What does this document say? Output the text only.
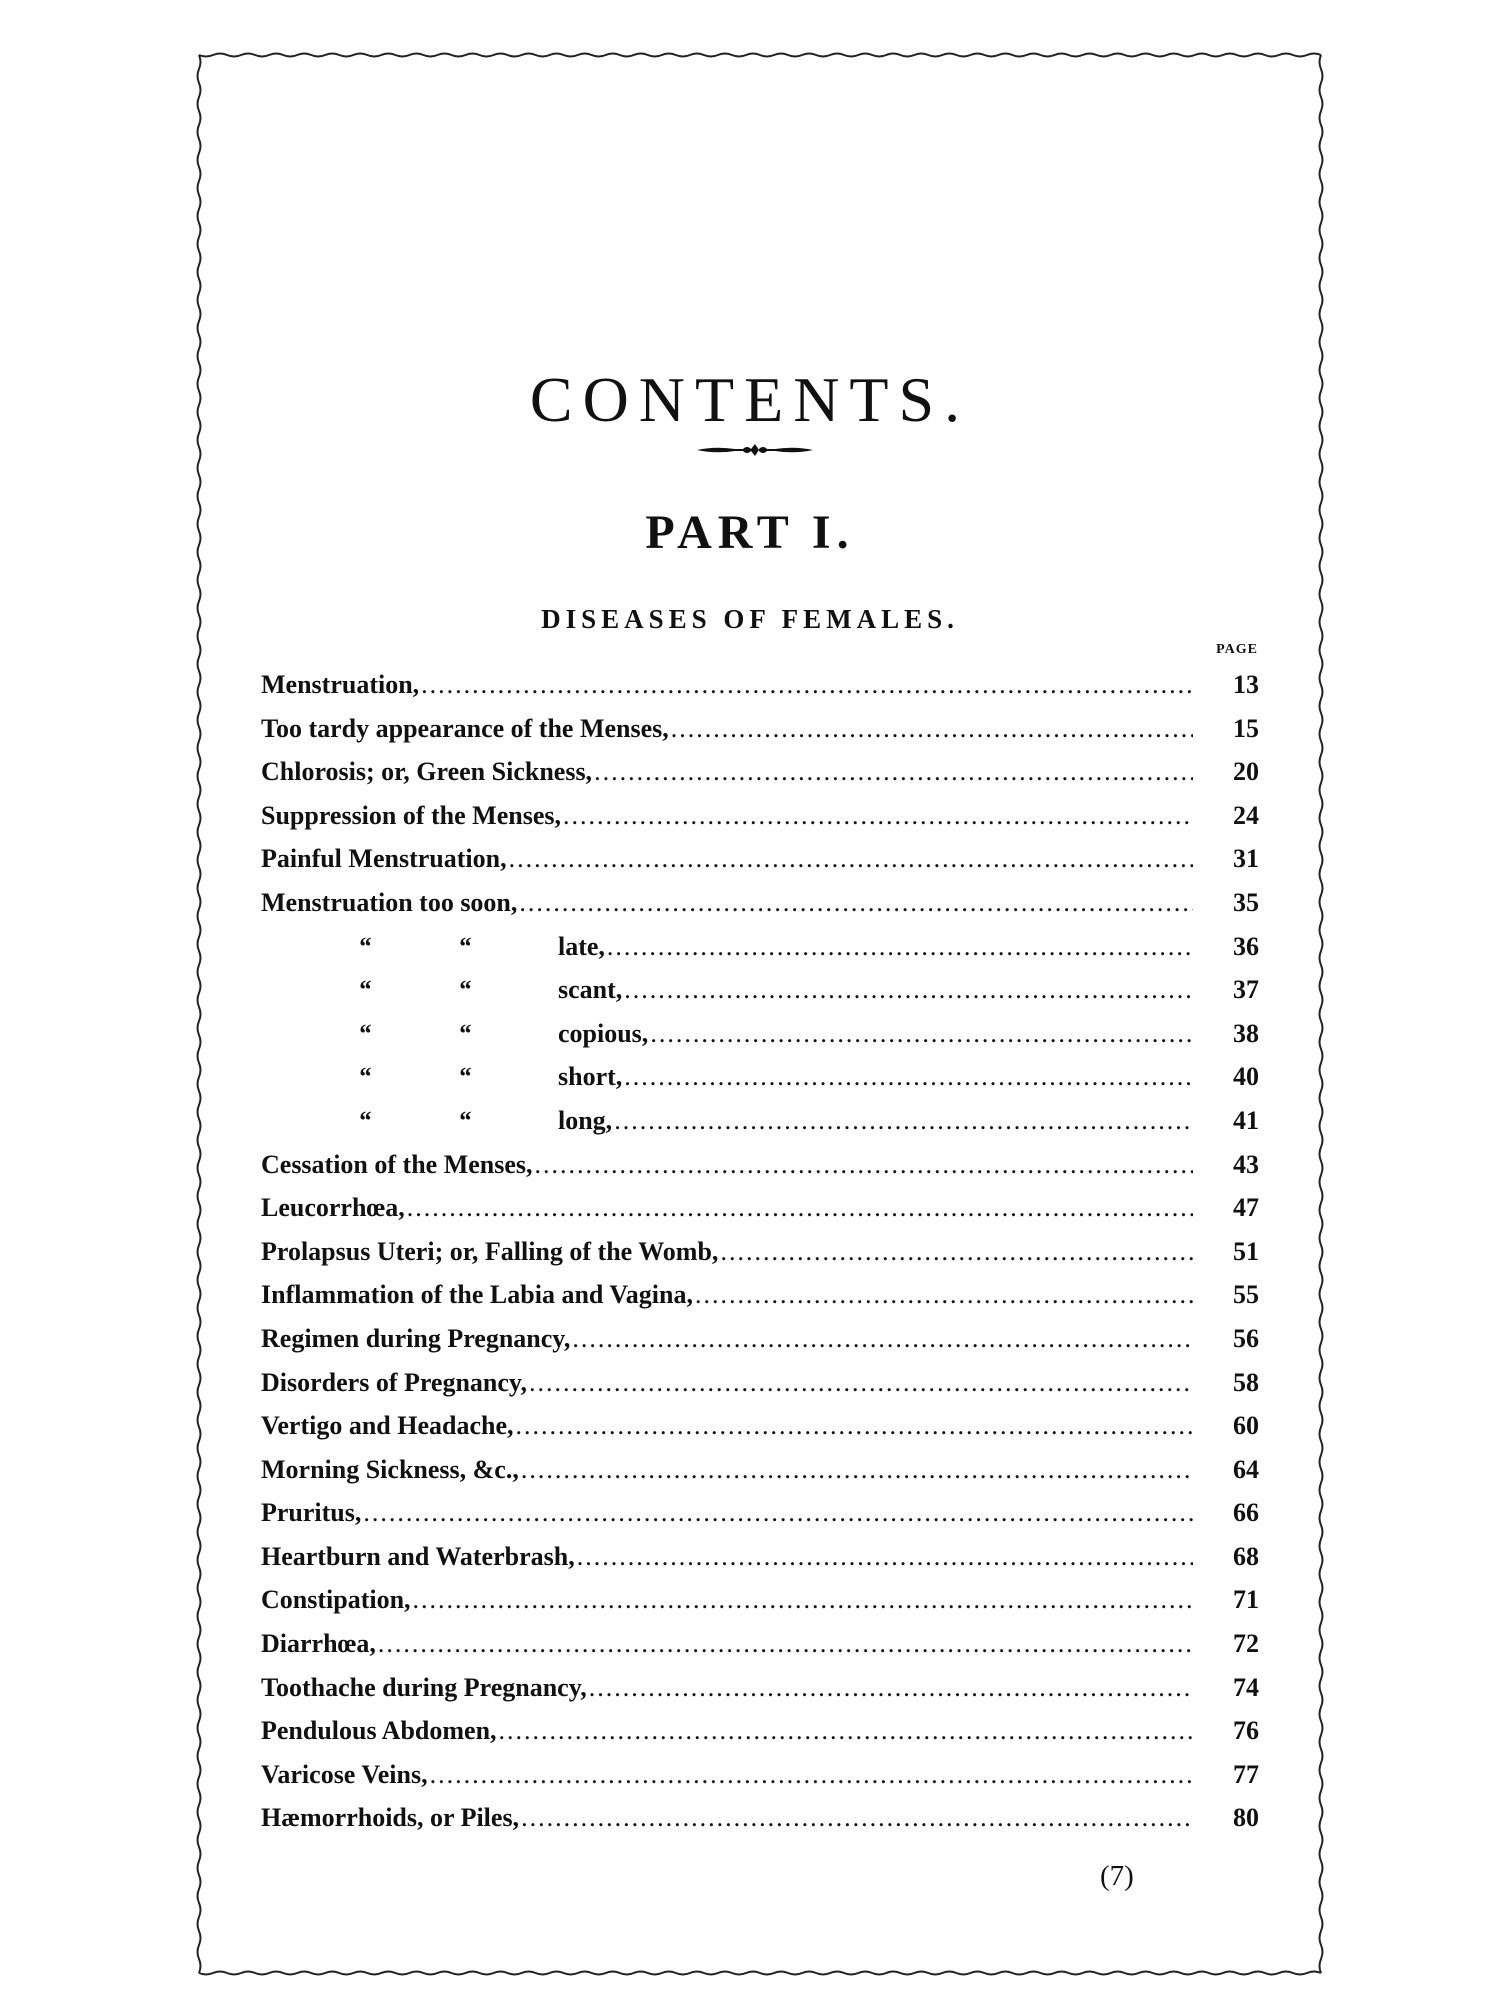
CONTENTS.
PART I.
DISEASES OF FEMALES.
PAGE
Menstruation, .....	13
Too tardy appearance of the Menses, .....	15
Chlorosis; or, Green Sickness, .....	20
Suppression of the Menses, .....	24
Painful Menstruation, .....	31
Menstruation too soon, .....	35
“	“	late, .....	36
“	“	scant, .....	37
“	“	copious, .....	38
“	“	short, .....	40
“	“	long, .....	41
Cessation of the Menses, .....	43
Leucorrhœa, .....	47
Prolapsus Uteri; or, Falling of the Womb, .....	51
Inflammation of the Labia and Vagina, .....	55
Regimen during Pregnancy, .....	56
Disorders of Pregnancy, .....	58
Vertigo and Headache, .....	60
Morning Sickness, &c., .....	64
Pruritus, .....	66
Heartburn and Waterbrash, .....	68
Constipation, .....	71
Diarrhœa, .....	72
Toothache during Pregnancy, .....	74
Pendulous Abdomen, .....	76
Varicose Veins, .....	77
Hæmorrhoids, or Piles, .....	80
(7)
